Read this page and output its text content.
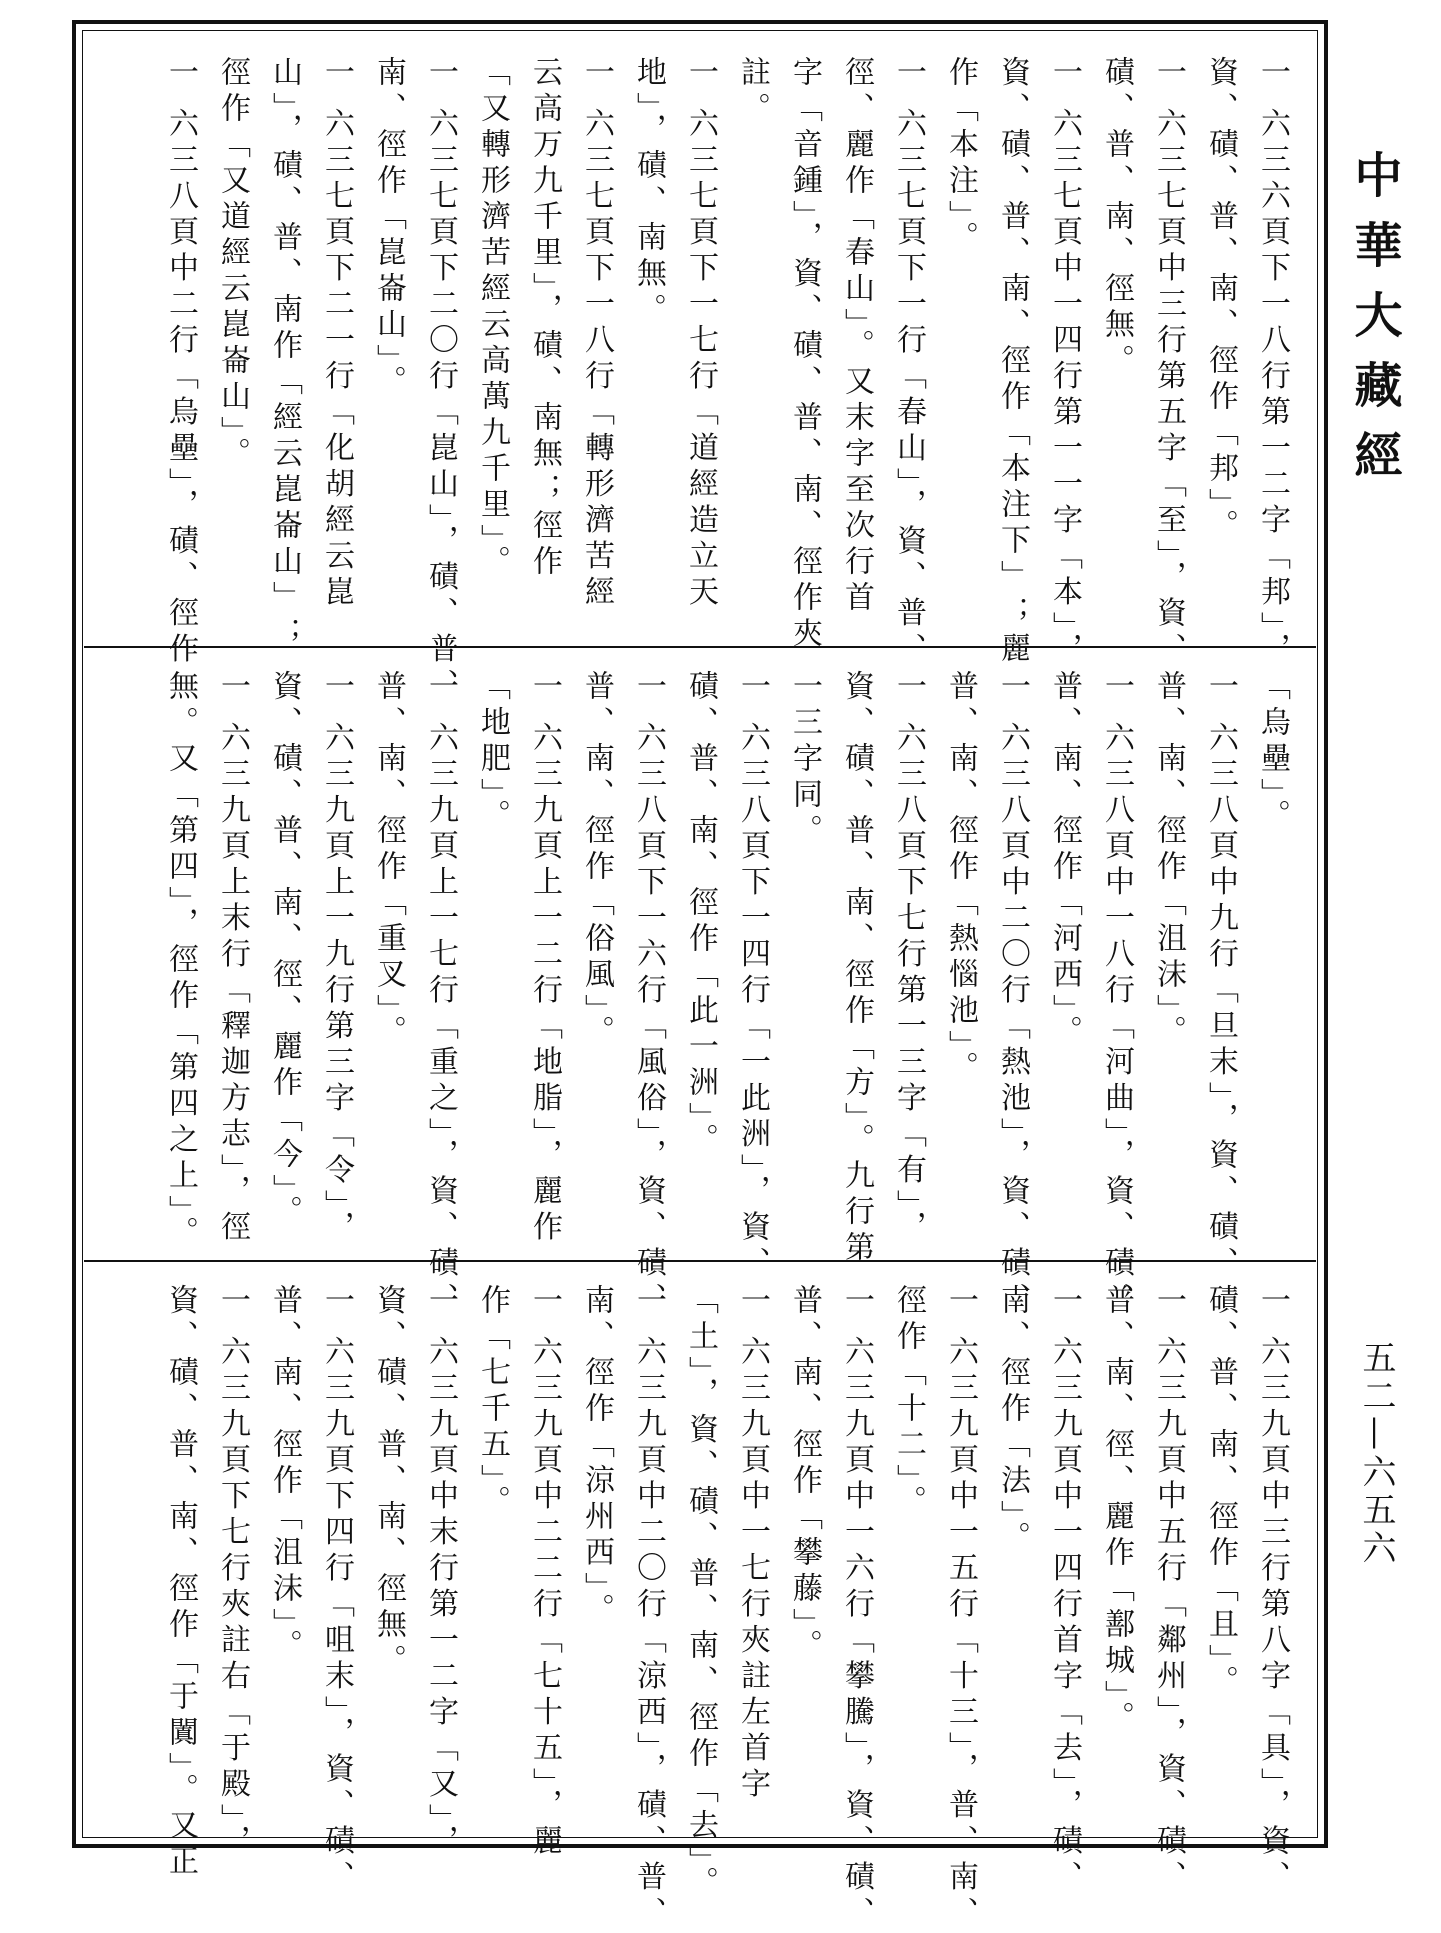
中華大藏經
一 六三六頁下一八行第一二字「邦」，
資、磧、普、南、徑作「邦」。
一 六三七頁中三行第五字「至」，資、
磧、普、南、徑無。
一 六三七頁中一四行第一一字「本」，
資、磧、普、南、徑作「本注下」；麗
作「本注」。
一 六三七頁下一行「春山」，資、普、
徑、麗作「春山」。又末字至次行首
字「音鍾」，資、磧、普、南、徑作夾
註。
一 六三七頁下一七行「道經造立天
地」，磧、南無。
一 六三七頁下一八行「轉形濟苦經
云高万九千里」，磧、南無；徑作
「又轉形濟苦經云高萬九千里」。
一 六三七頁下二〇行「崑山」，磧、普、
南、徑作「崑崙山」。
一 六三七頁下二一行「化胡經云崑
山」，磧、普、南作「經云崑崙山」；
徑作「又道經云崑崙山」。
一 六三八頁中二行「烏壘」，磧、徑作
「烏壘」。
一 六三八頁中九行「旦末」，資、磧、
普、南、徑作「沮沫」。
一 六三八頁中一八行「河曲」，資、磧、
普、南、徑作「河西」。
一 六三八頁中二〇行「熱池」，資、磧、
普、南、徑作「熱惱池」。
一 六三八頁下七行第一三字「有」，
資、磧、普、南、徑作「方」。九行第
一三字同。
一 六三八頁下一四行「一此洲」，資、
磧、普、南、徑作「此一洲」。
一 六三八頁下一六行「風俗」，資、磧、
普、南、徑作「俗風」。
一 六三九頁上一二行「地脂」，麗作
「地肥」。
一 六三九頁上一七行「重之」，資、磧、
普、南、徑作「重叉」。
一 六三九頁上一九行第三字「令」，
資、磧、普、南、徑、麗作「今」。
一 六三九頁上末行「釋迦方志」，徑
無。又「第四」，徑作「第四之上」。
一 六三九頁中三行第八字「具」，資、
磧、普、南、徑作「且」。
一 六三九頁中五行「鄰州」，資、磧、
普、南、徑、麗作「鄯城」。
一 六三九頁中一四行首字「去」，磧、
南、徑作「法」。
一 六三九頁中一五行「十三」，普、南、
徑作「十二」。
一 六三九頁中一六行「攀騰」，資、磧、
普、南、徑作「攀藤」。
一 六三九頁中一七行夾註左首字
「土」，資、磧、普、南、徑作「去」。
一 六三九頁中二〇行「涼西」，磧、普、
南、徑作「涼州西」。
一 六三九頁中二二行「七十五」，麗
作「七千五」。
一 六三九頁中末行第一二字「又」，
資、磧、普、南、徑無。
一 六三九頁下四行「咀末」，資、磧、
普、南、徑作「沮沫」。
一 六三九頁下七行夾註右「于殿」，
資、磧、普、南、徑作「于闐」。又正	五二—六五六
